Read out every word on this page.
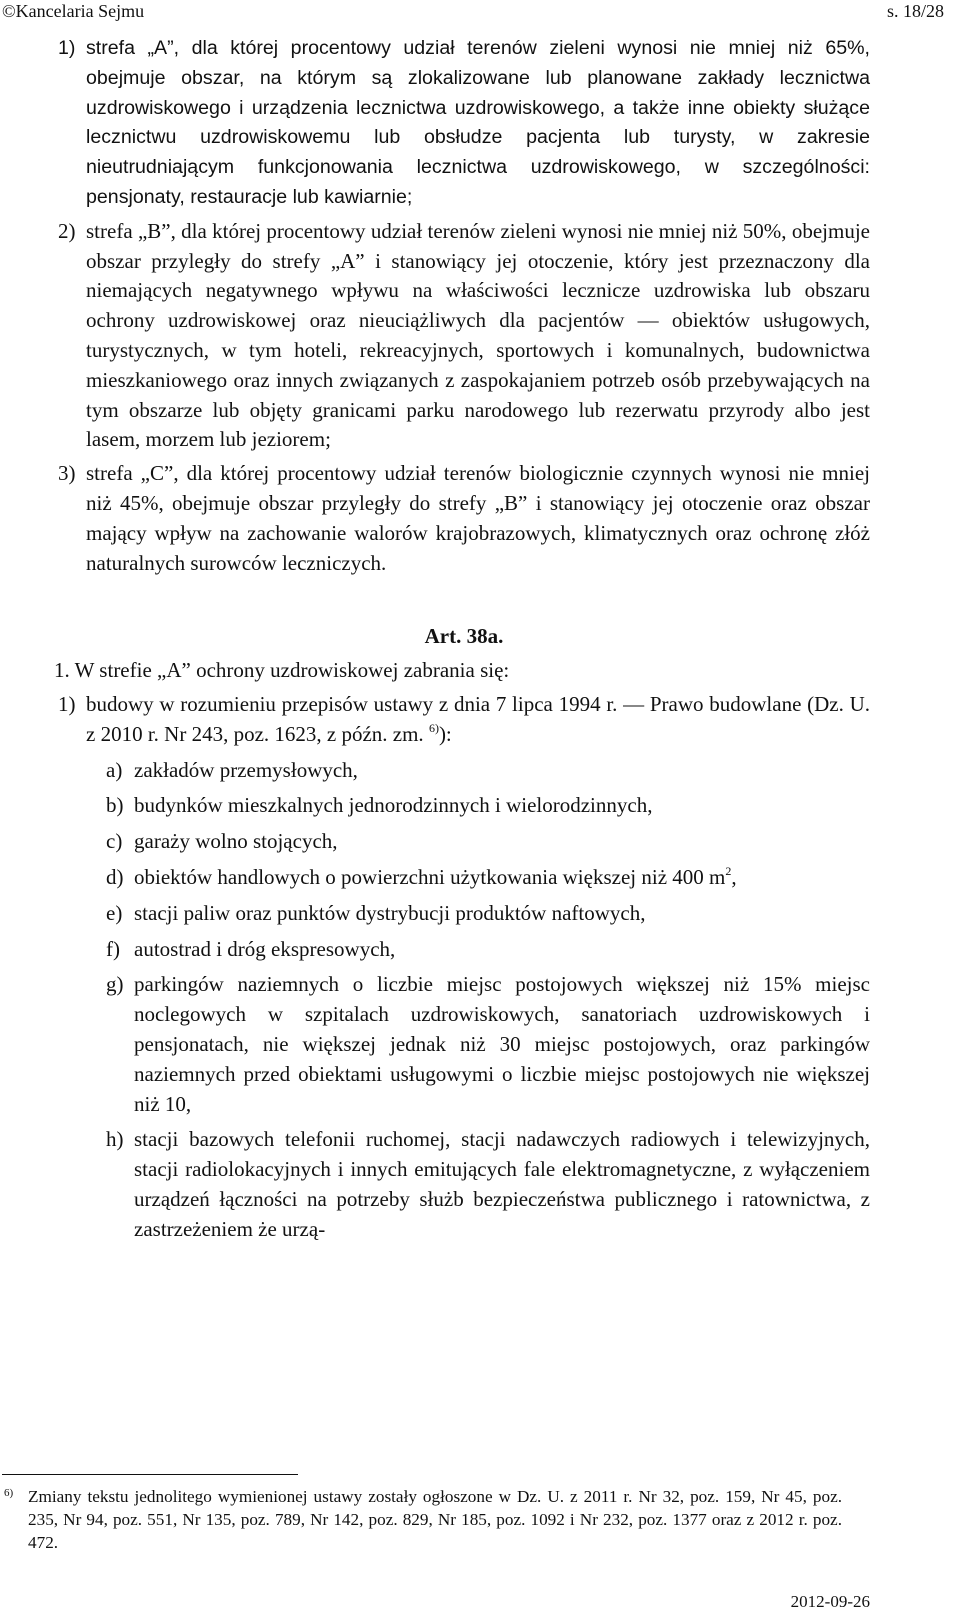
©Kancelaria Sejmu	s. 18/28
1) strefa „A”, dla której procentowy udział terenów zieleni wynosi nie mniej niż 65%, obejmuje obszar, na którym są zlokalizowane lub planowane zakłady lecznictwa uzdrowiskowego i urządzenia lecznictwa uzdrowiskowego, a także inne obiekty służące lecznictwu uzdrowiskowemu lub obsłudze pacjenta lub turysty, w zakresie nieutrudniającym funkcjonowania lecznictwa uzdrowiskowego, w szczególności: pensjonaty, restauracje lub kawiarnie;
2) strefa „B”, dla której procentowy udział terenów zieleni wynosi nie mniej niż 50%, obejmuje obszar przyległy do strefy „A” i stanowiący jej otoczenie, który jest przeznaczony dla niemających negatywnego wpływu na właściwości lecznicze uzdrowiska lub obszaru ochrony uzdrowiskowej oraz nieuciążliwych dla pacjentów — obiektów usługowych, turystycznych, w tym hoteli, rekreacyjnych, sportowych i komunalnych, budownictwa mieszkaniowego oraz innych związanych z zaspokajaniem potrzeb osób przebywających na tym obszarze lub objęty granicami parku narodowego lub rezerwatu przyrody albo jest lasem, morzem lub jeziorem;
3) strefa „C”, dla której procentowy udział terenów biologicznie czynnych wynosi nie mniej niż 45%, obejmuje obszar przyległy do strefy „B” i stanowiący jej otoczenie oraz obszar mający wpływ na zachowanie walorów krajobrazowych, klimatycznych oraz ochronę złóż naturalnych surowców leczniczych.
Art. 38a.
1. W strefie „A” ochrony uzdrowiskowej zabrania się:
1) budowy w rozumieniu przepisów ustawy z dnia 7 lipca 1994 r. — Prawo budowlane (Dz. U. z 2010 r. Nr 243, poz. 1623, z późn. zm. $^{6)}$):
a) zakładów przemysłowych,
b) budynków mieszkalnych jednorodzinnych i wielorodzinnych,
c) garaży wolno stojących,
d) obiektów handlowych o powierzchni użytkowania większej niż 400 $m^2$,
e) stacji paliw oraz punktów dystrybucji produktów naftowych,
f) autostrad i dróg ekspresowych,
g) parkingów naziemnych o liczbie miejsc postojowych większej niż 15% miejsc noclegowych w szpitalach uzdrowiskowych, sanatoriach uzdrowiskowych i pensjonatach, nie większej jednak niż 30 miejsc postojowych, oraz parkingów naziemnych przed obiektami usługowymi o liczbie miejsc postojowych nie większej niż 10,
h) stacji bazowych telefonii ruchomej, stacji nadawczych radiowych i telewizyjnych, stacji radiolokacyjnych i innych emitujących fale elektromagnetyczne, z wyłączeniem urządzeń łączności na potrzeby służb bezpieczeństwa publicznego i ratownictwa, z zastrzeżeniem że urzą-
6) Zmiany tekstu jednolitego wymienionej ustawy zostały ogłoszone w Dz. U. z 2011 r. Nr 32, poz. 159, Nr 45, poz. 235, Nr 94, poz. 551, Nr 135, poz. 789, Nr 142, poz. 829, Nr 185, poz. 1092 i Nr 232, poz. 1377 oraz z 2012 r. poz. 472.
2012-09-26
